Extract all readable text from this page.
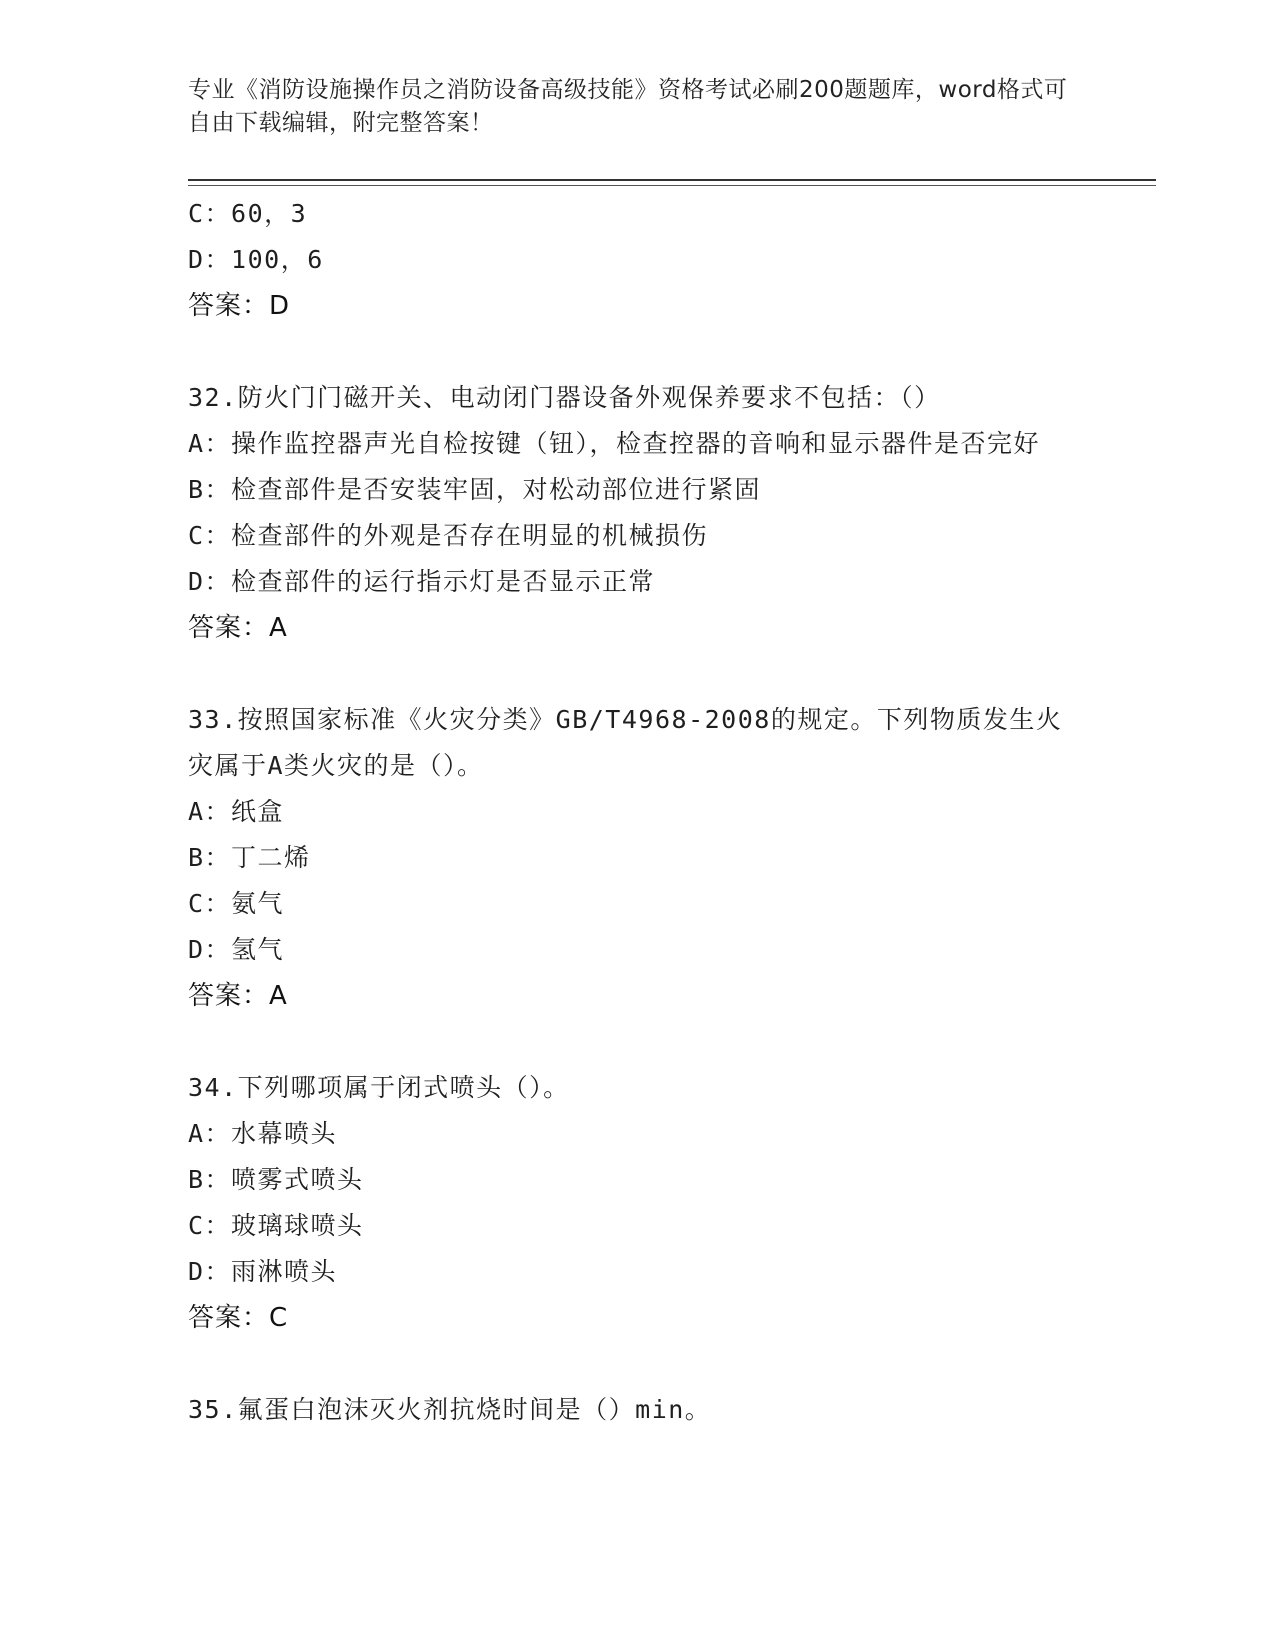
专业《消防设施操作员之消防设备高级技能》资格考试必刷200题题库，word格式可自由下载编辑，附完整答案！
C：60，3
D：100，6
答案：D
32.防火门门磁开关、电动闭门器设备外观保养要求不包括：（）
A：操作监控器声光自检按键（钮），检查控器的音响和显示器件是否完好
B：检查部件是否安装牢固，对松动部位进行紧固
C：检查部件的外观是否存在明显的机械损伤
D：检查部件的运行指示灯是否显示正常
答案：A
33.按照国家标准《火灾分类》GB/T4968-2008的规定。下列物质发生火灾属于A类火灾的是（）。
A：纸盒
B：丁二烯
C：氨气
D：氢气
答案：A
34.下列哪项属于闭式喷头（）。
A：水幕喷头
B：喷雾式喷头
C：玻璃球喷头
D：雨淋喷头
答案：C
35.氟蛋白泡沫灭火剂抗烧时间是（）min。
